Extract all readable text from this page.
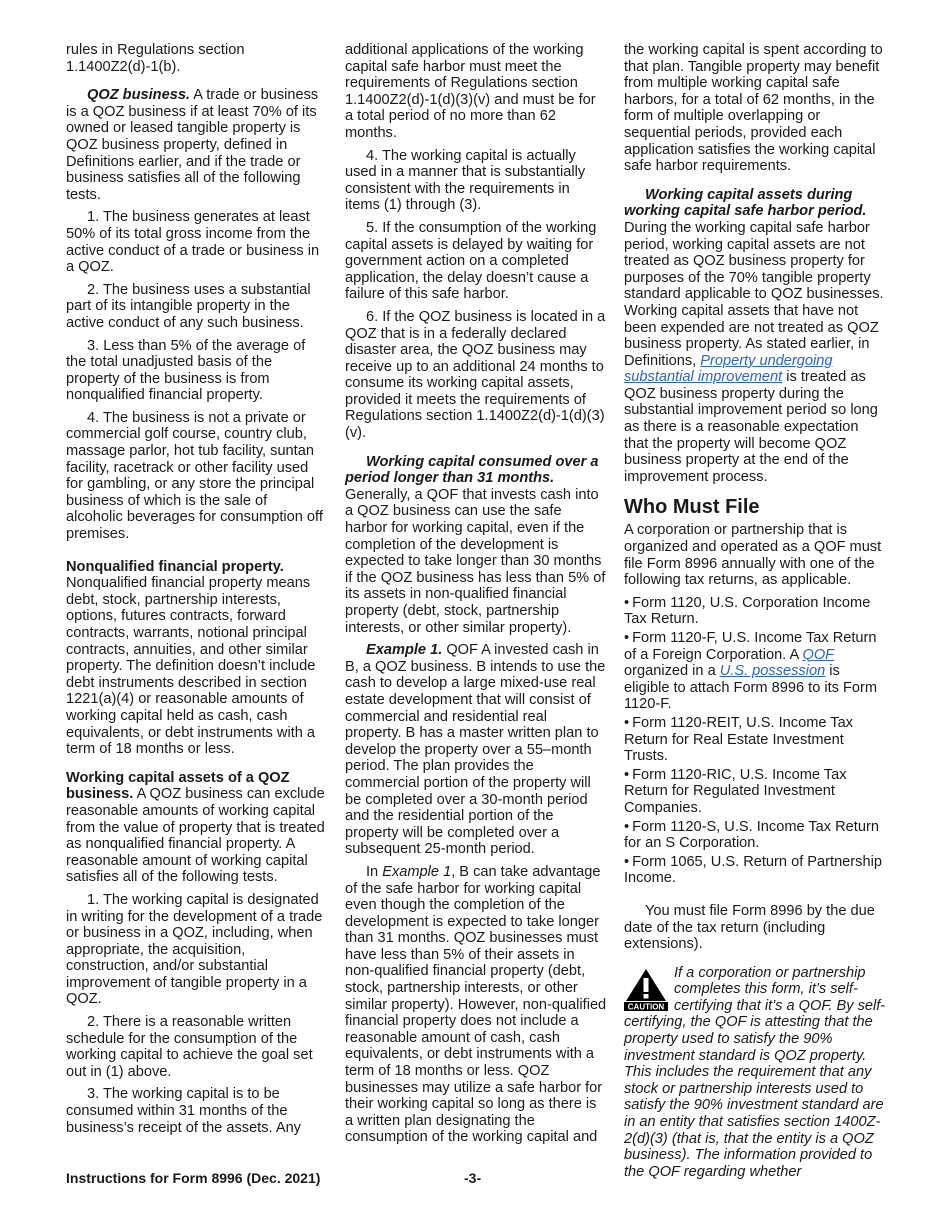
rules in Regulations section 1.1400Z2(d)-1(b).

QOZ business. A trade or business is a QOZ business if at least 70% of its owned or leased tangible property is QOZ business property, defined in Definitions earlier, and if the trade or business satisfies all of the following tests.

1. The business generates at least 50% of its total gross income from the active conduct of a trade or business in a QOZ.

2. The business uses a substantial part of its intangible property in the active conduct of any such business.

3. Less than 5% of the average of the total unadjusted basis of the property of the business is from nonqualified financial property.

4. The business is not a private or commercial golf course, country club, massage parlor, hot tub facility, suntan facility, racetrack or other facility used for gambling, or any store the principal business of which is the sale of alcoholic beverages for consumption off premises.

Nonqualified financial property.
Nonqualified financial property means debt, stock, partnership interests, options, futures contracts, forward contracts, warrants, notional principal contracts, annuities, and other similar property. The definition doesn’t include debt instruments described in section 1221(a)(4) or reasonable amounts of working capital held as cash, cash equivalents, or debt instruments with a term of 18 months or less.

Working capital assets of a QOZ business. A QOZ business can exclude reasonable amounts of working capital from the value of property that is treated as nonqualified financial property. A reasonable amount of working capital satisfies all of the following tests.

1. The working capital is designated in writing for the development of a trade or business in a QOZ, including, when appropriate, the acquisition, construction, and/or substantial improvement of tangible property in a QOZ.

2. There is a reasonable written schedule for the consumption of the working capital to achieve the goal set out in (1) above.

3. The working capital is to be consumed within 31 months of the business’s receipt of the assets. Any

additional applications of the working capital safe harbor must meet the requirements of Regulations section 1.1400Z2(d)-1(d)(3)(v) and must be for a total period of no more than 62 months.

4. The working capital is actually used in a manner that is substantially consistent with the requirements in items (1) through (3).

5. If the consumption of the working capital assets is delayed by waiting for government action on a completed application, the delay doesn’t cause a failure of this safe harbor.

6. If the QOZ business is located in a QOZ that is in a federally declared disaster area, the QOZ business may receive up to an additional 24 months to consume its working capital assets, provided it meets the requirements of Regulations section 1.1400Z2(d)-1(d)(3)(v).

Working capital consumed over a period longer than 31 months.
Generally, a QOF that invests cash into a QOZ business can use the safe harbor for working capital, even if the completion of the development is expected to take longer than 30 months if the QOZ business has less than 5% of its assets in non-qualified financial property (debt, stock, partnership interests, or other similar property).

Example 1. QOF A invested cash in B, a QOZ business. B intends to use the cash to develop a large mixed-use real estate development that will consist of commercial and residential real property. B has a master written plan to develop the property over a 55–month period. The plan provides the commercial portion of the property will be completed over a 30-month period and the residential portion of the property will be completed over a subsequent 25-month period.

In Example 1, B can take advantage of the safe harbor for working capital even though the completion of the development is expected to take longer than 31 months. QOZ businesses must have less than 5% of their assets in non-qualified financial property (debt, stock, partnership interests, or other similar property). However, non-qualified financial property does not include a reasonable amount of cash, cash equivalents, or debt instruments with a term of 18 months or less. QOZ businesses may utilize a safe harbor for their working capital so long as there is a written plan designating the consumption of the working capital and

the working capital is spent according to that plan. Tangible property may benefit from multiple working capital safe harbors, for a total of 62 months, in the form of multiple overlapping or sequential periods, provided each application satisfies the working capital safe harbor requirements.

Working capital assets during working capital safe harbor period.
During the working capital safe harbor period, working capital assets are not treated as QOZ business property for purposes of the 70% tangible property standard applicable to QOZ businesses. Working capital assets that have not been expended are not treated as QOZ business property. As stated earlier, in Definitions, Property undergoing substantial improvement is treated as QOZ business property during the substantial improvement period so long as there is a reasonable expectation that the property will become QOZ business property at the end of the improvement process.

Who Must File

A corporation or partnership that is organized and operated as a QOF must file Form 8996 annually with one of the following tax returns, as applicable.

• Form 1120, U.S. Corporation Income Tax Return.
• Form 1120-F, U.S. Income Tax Return of a Foreign Corporation. A QOF organized in a U.S. possession is eligible to attach Form 8996 to its Form 1120-F.
• Form 1120-REIT, U.S. Income Tax Return for Real Estate Investment Trusts.
• Form 1120-RIC, U.S. Income Tax Return for Regulated Investment Companies.
• Form 1120-S, U.S. Income Tax Return for an S Corporation.
• Form 1065, U.S. Return of Partnership Income.

You must file Form 8996 by the due date of the tax return (including extensions).

CAUTION
If a corporation or partnership completes this form, it’s self-certifying that it’s a QOF. By self-certifying, the QOF is attesting that the property used to satisfy the 90% investment standard is QOZ property. This includes the requirement that any stock or partnership interests used to satisfy the 90% investment standard are in an entity that satisfies section 1400Z-2(d)(3) (that is, that the entity is a QOZ business). The information provided to the QOF regarding whether
Instructions for Form 8996 (Dec. 2021)	-3-
